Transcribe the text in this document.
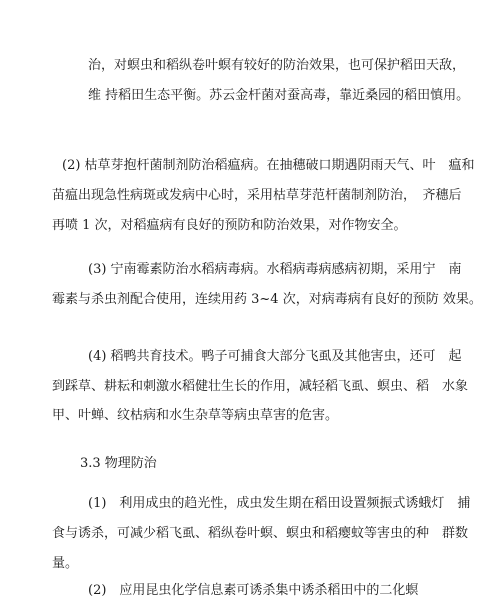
治，对螟虫和稻纵卷叶螟有较好的防治效果，也可保护稻田天敌，
维 持稻田生态平衡。苏云金杆菌对蚕高毒，靠近桑园的稻田慎用。
(2) 枯草芽抱杆菌制剂防治稻瘟病。在抽穗破口期遇阴雨天气、叶　瘟和
苗瘟出现急性病斑或发病中心时，采用枯草芽范杆菌制剂防治，　齐穗后
再喷 1 次，对稻瘟病有良好的预防和防治效果，对作物安全。
(3) 宁南霉素防治水稻病毒病。水稻病毒病感病初期，采用宁　南
霉素与杀虫剂配合使用，连续用药 3~4 次，对病毒病有良好的预防 效果。
(4) 稻鸭共育技术。鸭子可捕食大部分飞虱及其他害虫，还可　起
到踩草、耕耘和刺激水稻健壮生长的作用，减轻稻飞虱、螟虫、稻　水象
甲、叶蝉、纹枯病和水生杂草等病虫草害的危害。
3.3 物理防治
(1)　利用成虫的趋光性，成虫发生期在稻田设置频振式诱蛾灯　捕
食与诱杀，可减少稻飞虱、稻纵卷叶螟、螟虫和稻瘿蚊等害虫的种　群数
量。
(2)　应用昆虫化学信息素可诱杀集中诱杀稻田中的二化螟
